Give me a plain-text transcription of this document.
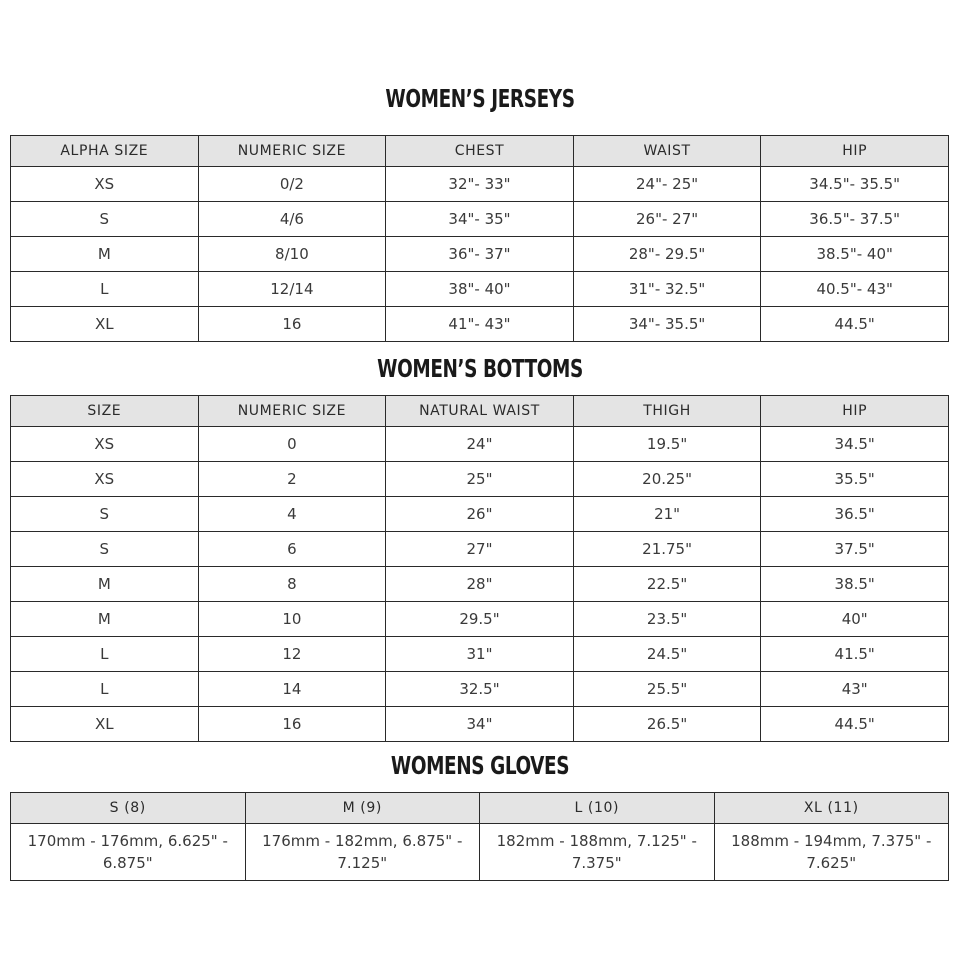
WOMEN’S JERSEYS
ALPHA SIZE	NUMERIC SIZE	CHEST	WAIST	HIP
XS	0/2	32"- 33"	24"- 25"	34.5"- 35.5"
S	4/6	34"- 35"	26"- 27"	36.5"- 37.5"
M	8/10	36"- 37"	28"- 29.5"	38.5"- 40"
L	12/14	38"- 40"	31"- 32.5"	40.5"- 43"
XL	16	41"- 43"	34"- 35.5"	44.5"
WOMEN’S BOTTOMS
SIZE	NUMERIC SIZE	NATURAL WAIST	THIGH	HIP
XS	0	24"	19.5"	34.5"
XS	2	25"	20.25"	35.5"
S	4	26"	21"	36.5"
S	6	27"	21.75"	37.5"
M	8	28"	22.5"	38.5"
M	10	29.5"	23.5"	40"
L	12	31"	24.5"	41.5"
L	14	32.5"	25.5"	43"
XL	16	34"	26.5"	44.5"
WOMENS GLOVES
S (8)	M (9)	L (10)	XL (11)
170mm - 176mm, 6.625" - 6.875"	176mm - 182mm, 6.875" - 7.125"	182mm - 188mm, 7.125" - 7.375"	188mm - 194mm, 7.375" - 7.625"
